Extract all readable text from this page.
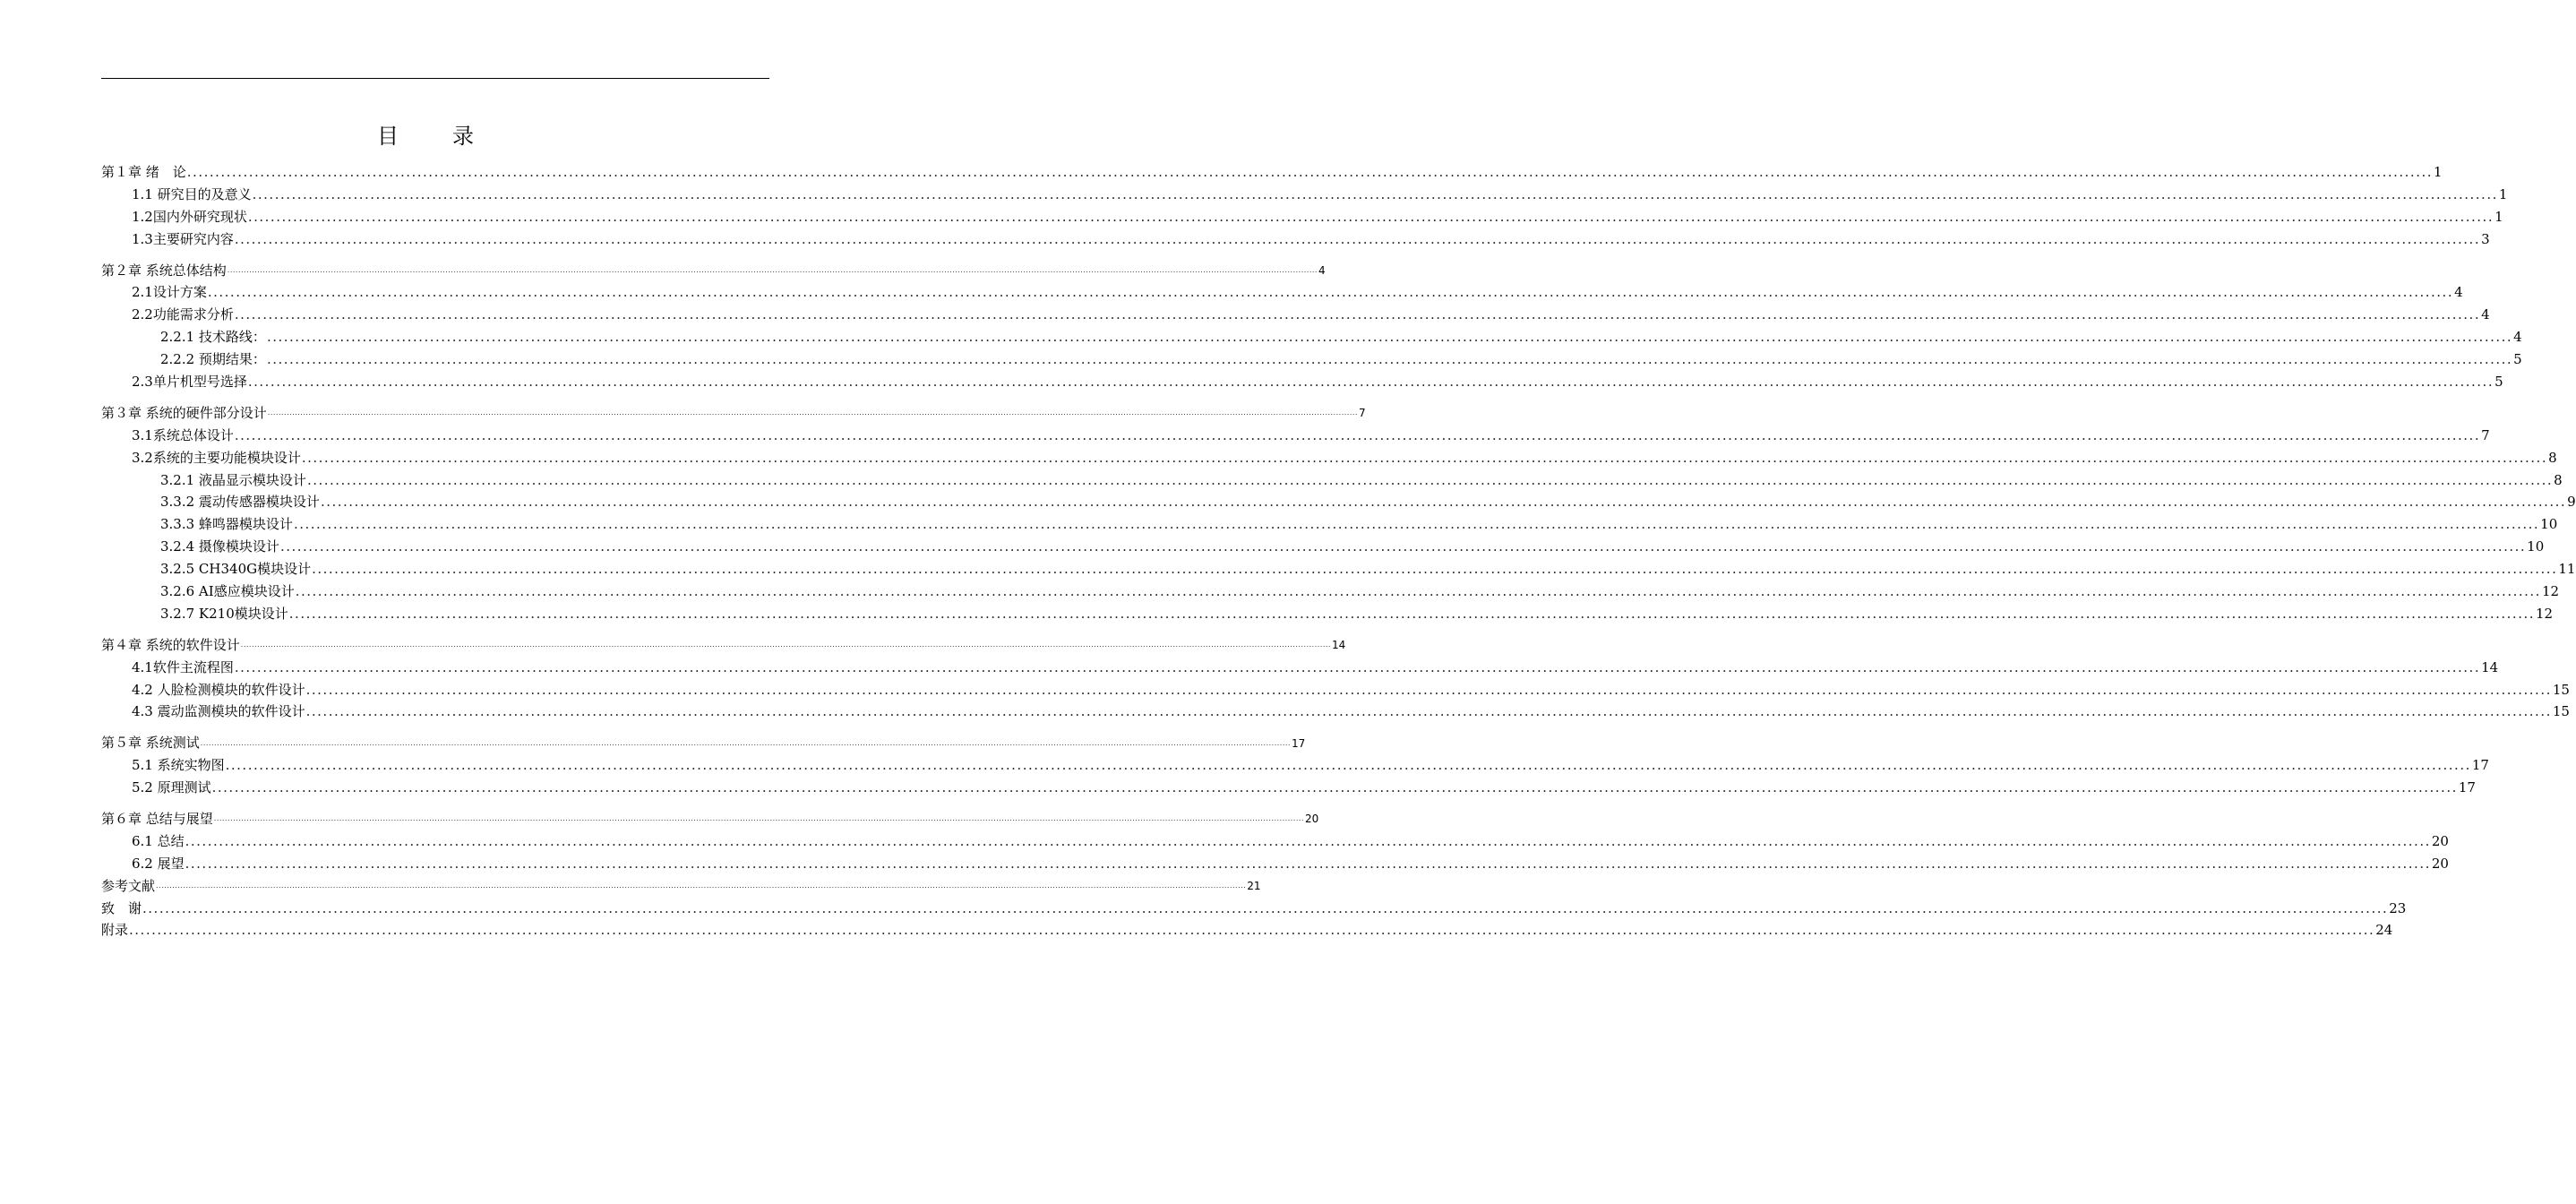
目　录
第１章 绪　论 ................................................................................................................................................................................................................................................................................................................................................................................................................ 1
1.1 研究目的及意义 ................................................................................................................................................................................................................................................................................................................................................................................................................ 1
1.2国内外研究现状 ................................................................................................................................................................................................................................................................................................................................................................................................................ 1
1.3主要研究内容 ................................................................................................................................................................................................................................................................................................................................................................................................................ 3
第２章 系统总体结构 ................................................................................................................................................................................................................................................................................................................................................................................................................ 4
2.1设计方案 ................................................................................................................................................................................................................................................................................................................................................................................................................ 4
2.2功能需求分析 ................................................................................................................................................................................................................................................................................................................................................................................................................ 4
2.2.1 技术路线： ................................................................................................................................................................................................................................................................................................................................................................................................................ 4
2.2.2 预期结果： ................................................................................................................................................................................................................................................................................................................................................................................................................ 5
2.3单片机型号选择 ................................................................................................................................................................................................................................................................................................................................................................................................................ 5
第３章 系统的硬件部分设计 ................................................................................................................................................................................................................................................................................................................................................................................................................ 7
3.1系统总体设计 ................................................................................................................................................................................................................................................................................................................................................................................................................ 7
3.2系统的主要功能模块设计 ................................................................................................................................................................................................................................................................................................................................................................................................................ 8
3.2.1 液晶显示模块设计 ................................................................................................................................................................................................................................................................................................................................................................................................................ 8
3.3.2 震动传感器模块设计 ................................................................................................................................................................................................................................................................................................................................................................................................................ 9
3.3.3 蜂鸣器模块设计 ................................................................................................................................................................................................................................................................................................................................................................................................................ 10
3.2.4 摄像模块设计 ................................................................................................................................................................................................................................................................................................................................................................................................................ 10
3.2.5 CH340G模块设计 ................................................................................................................................................................................................................................................................................................................................................................................................................ 11
3.2.6 AI感应模块设计 ................................................................................................................................................................................................................................................................................................................................................................................................................ 12
3.2.7 K210模块设计 ................................................................................................................................................................................................................................................................................................................................................................................................................ 12
第４章 系统的软件设计 ................................................................................................................................................................................................................................................................................................................................................................................................................ 14
4.1软件主流程图 ................................................................................................................................................................................................................................................................................................................................................................................................................ 14
4.2 人脸检测模块的软件设计 ................................................................................................................................................................................................................................................................................................................................................................................................................ 15
4.3 震动监测模块的软件设计 ................................................................................................................................................................................................................................................................................................................................................................................................................ 15
第５章 系统测试 ................................................................................................................................................................................................................................................................................................................................................................................................................ 17
5.1 系统实物图 ................................................................................................................................................................................................................................................................................................................................................................................................................ 17
5.2 原理测试 ................................................................................................................................................................................................................................................................................................................................................................................................................ 17
第６章 总结与展望 ................................................................................................................................................................................................................................................................................................................................................................................................................ 20
6.1 总结 ................................................................................................................................................................................................................................................................................................................................................................................................................ 20
6.2 展望 ................................................................................................................................................................................................................................................................................................................................................................................................................ 20
参考文献 ................................................................................................................................................................................................................................................................................................................................................................................................................ 21
致　谢 ................................................................................................................................................................................................................................................................................................................................................................................................................ 23
附录 ................................................................................................................................................................................................................................................................................................................................................................................................................ 24
